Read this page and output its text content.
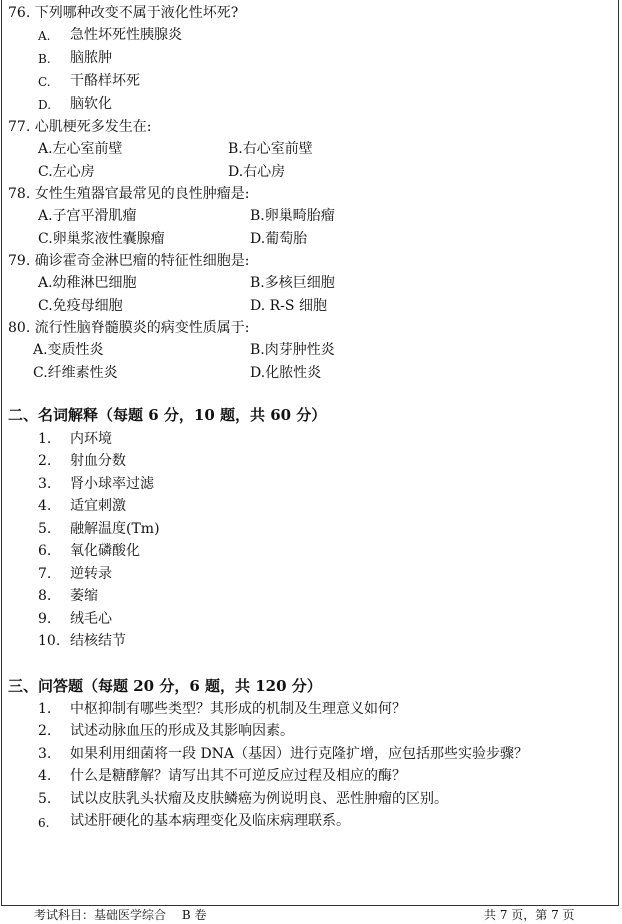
76. 下列哪种改变不属于液化性坏死?
A. 急性坏死性胰腺炎
B. 脑脓肿
C. 干酪样坏死
D. 脑软化
77. 心肌梗死多发生在:
A.左心室前壁	B.右心室前壁
C.左心房	D.右心房
78. 女性生殖器官最常见的良性肿瘤是:
A.子宫平滑肌瘤	B.卵巢畸胎瘤
C.卵巢浆液性囊腺瘤	D.葡萄胎
79. 确诊霍奇金淋巴瘤的特征性细胞是:
A.幼稚淋巴细胞	B.多核巨细胞
C.免疫母细胞	D. R-S 细胞
80. 流行性脑脊髓膜炎的病变性质属于:
A.变质性炎	B.肉芽肿性炎
C.纤维素性炎	D.化脓性炎
二、名词解释（每题 6 分，10 题，共 60 分）
1. 内环境
2. 射血分数
3. 肾小球率过滤
4. 适宜刺激
5. 融解温度(Tm)
6. 氧化磷酸化
7. 逆转录
8. 萎缩
9. 绒毛心
10. 结核结节
三、问答题（每题 20 分，6 题，共 120 分）
1. 中枢抑制有哪些类型？其形成的机制及生理意义如何？
2. 试述动脉血压的形成及其影响因素。
3. 如果利用细菌将一段 DNA（基因）进行克隆扩增，应包括那些实验步骤？
4. 什么是糖酵解？请写出其不可逆反应过程及相应的酶？
5. 试以皮肤乳头状瘤及皮肤鳞癌为例说明良、恶性肿瘤的区别。
6. 试述肝硬化的基本病理变化及临床病理联系。
考试科目：基础医学综合　 B 卷	共 7 页，第 7 页
